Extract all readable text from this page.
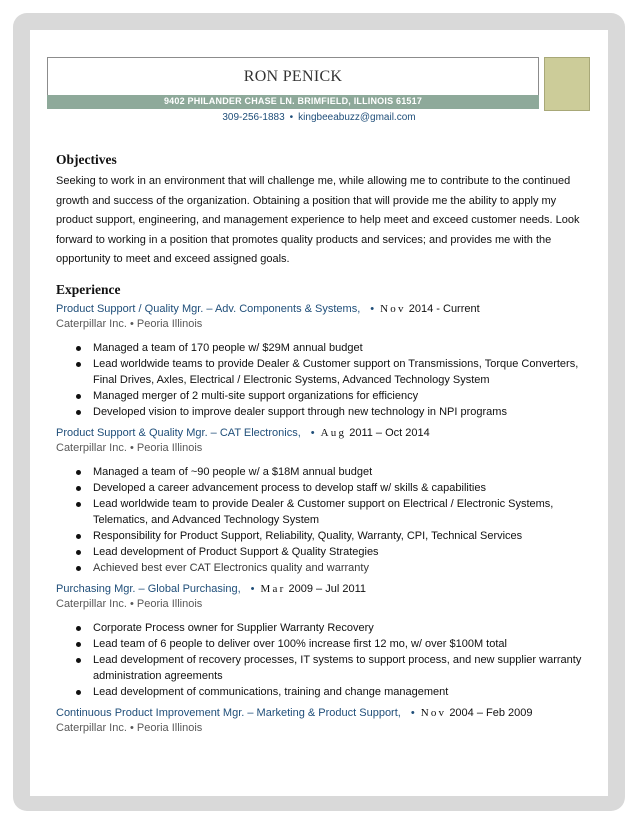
RON PENICK
9402 PHILANDER CHASE LN. BRIMFIELD, ILLINOIS 61517
309-256-1883 • kingbeeabuzz@gmail.com
Objectives

Seeking to work in an environment that will challenge me, while allowing me to contribute to the continued growth and success of the organization. Obtaining a position that will provide me the ability to apply my product support, engineering, and management experience to help meet and exceed customer needs. Look forward to working in a position that promotes quality products and services; and provides me with the opportunity to meet and exceed assigned goals.

Experience
Product Support / Quality Mgr. – Adv. Components & Systems, • Nov 2014 - Current
Caterpillar Inc. • Peoria Illinois
Managed a team of 170 people w/ $29M annual budget
Lead worldwide teams to provide Dealer & Customer support on Transmissions, Torque Converters, Final Drives, Axles, Electrical / Electronic Systems, Advanced Technology System
Managed merger of 2 multi-site support organizations for efficiency
Developed vision to improve dealer support through new technology in NPI programs
Product Support & Quality Mgr. – CAT Electronics, • Aug 2011 – Oct 2014
Caterpillar Inc. • Peoria Illinois
Managed a team of ~90 people w/ a $18M annual budget
Developed a career advancement process to develop staff w/ skills & capabilities
Lead worldwide team to provide Dealer & Customer support on Electrical / Electronic Systems, Telematics, and Advanced Technology System
Responsibility for Product Support, Reliability, Quality, Warranty, CPI, Technical Services
Lead development of Product Support & Quality Strategies
Achieved best ever CAT Electronics quality and warranty
Purchasing Mgr. – Global Purchasing, • Mar 2009 – Jul 2011
Caterpillar Inc. • Peoria Illinois
Corporate Process owner for Supplier Warranty Recovery
Lead team of 6 people to deliver over 100% increase first 12 mo, w/ over $100M total
Lead development of recovery processes, IT systems to support process, and new supplier warranty administration agreements
Lead development of communications, training and change management
Continuous Product Improvement Mgr. – Marketing & Product Support, • Nov 2004 – Feb 2009
Caterpillar Inc. • Peoria Illinois
